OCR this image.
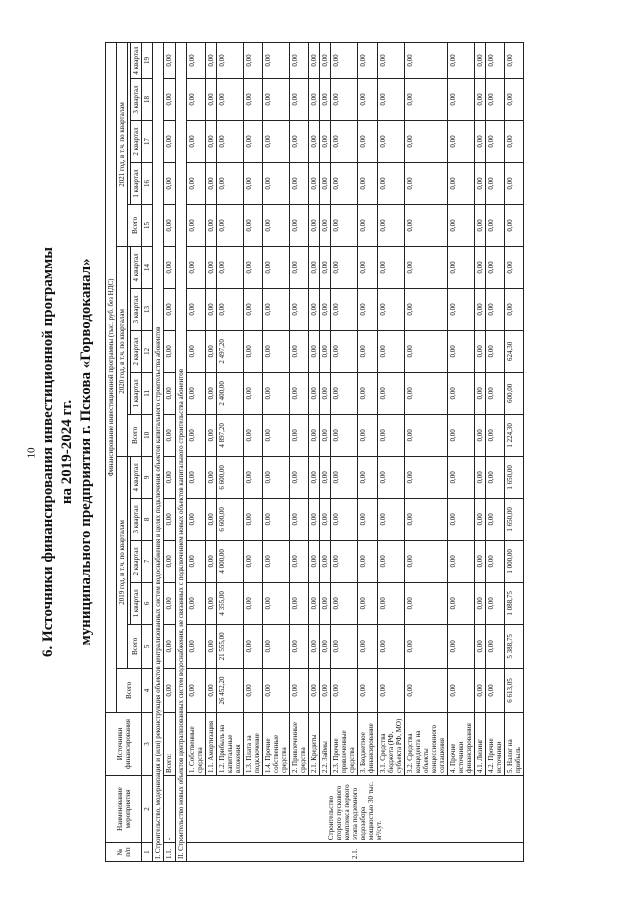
10 6. Источники финансирования инвестиционной программы на 2019-2024 гг. муниципального предприятия г. Пскова «Горводоканал»
№ п/п	Наименование мероприятия	Источники финансирования	Финансирование инвестиционной программы (тыс. руб. без НДС)															
			Всего	2019 год, в т.ч. по кварталам					2020 год, в т.ч. по кварталам					2021 год, в т.ч. по кварталам				
				Всего					Всего					Всего				
					1 квартал	2 квартал	3 квартал	4 квартал		1 квартал	2 квартал	3 квартал	4 квартал		1 квартал	2 квартал	3 квартал	4 квартал
1	2	3	4	5	6	7	8	9	10	11	12	13	14	15	16	17	18	19
I. Строительство, модернизация и (или) реконструкция объектов централизованных систем водоснабжения в целях подключения объектов капитального строительства абонентов																		
1.1.	-	Всего:	0,00	0,00	0,00	0,00	0,00	0,00	0,00	0,00	0,00	0,00	0,00	0,00	0,00	0,00	0,00	0,00
II. Строительство новых объектов централизованных систем водоснабжения, не связанных с подключением новых объектов капитального строительства абонентов																		
2.1.	Строительство второго пускового комплекса первого этапа подземного водозабора мощностью 30 тыс. м³/сут.	1. Собственные средства	0,00	0,00	0,00	0,00	0,00	0,00	0,00	0,00	0,00	0,00	0,00	0,00	0,00	0,00	0,00	0,00
		1.1. Амортизация	0,00	0,00	0,00	0,00	0,00	0,00	0,00	0,00	0,00	0,00	0,00	0,00	0,00	0,00	0,00	0,00
		1.2. Прибыль на капитальные вложения	26 452,20	21 555,00	4 355,00	4 000,00	6 600,00	6 600,00	4 897,20	2 400,00	2 497,20	0,00	0,00	0,00	0,00	0,00	0,00	0,00
		1.3. Плата за подключение	0,00	0,00	0,00	0,00	0,00	0,00	0,00	0,00	0,00	0,00	0,00	0,00	0,00	0,00	0,00	0,00
		1.4. Прочие собственные средства	0,00	0,00	0,00	0,00	0,00	0,00	0,00	0,00	0,00	0,00	0,00	0,00	0,00	0,00	0,00	0,00
		2. Привлеченные средства	0,00	0,00	0,00	0,00	0,00	0,00	0,00	0,00	0,00	0,00	0,00	0,00	0,00	0,00	0,00	0,00
		2.1. Кредиты	0,00	0,00	0,00	0,00	0,00	0,00	0,00	0,00	0,00	0,00	0,00	0,00	0,00	0,00	0,00	0,00
		2.2. Займы	0,00	0,00	0,00	0,00	0,00	0,00	0,00	0,00	0,00	0,00	0,00	0,00	0,00	0,00	0,00	0,00
		2.3. Прочие привлеченные средства	0,00	0,00	0,00	0,00	0,00	0,00	0,00	0,00	0,00	0,00	0,00	0,00	0,00	0,00	0,00	0,00
		3. Бюджетное финансирование	0,00	0,00	0,00	0,00	0,00	0,00	0,00	0,00	0,00	0,00	0,00	0,00	0,00	0,00	0,00	0,00
		3.1. Средства бюджета (РФ, субъекта РФ, МО)	0,00	0,00	0,00	0,00	0,00	0,00	0,00	0,00	0,00	0,00	0,00	0,00	0,00	0,00	0,00	0,00
		3.2. Средства концедента на объекты концессионного соглашения	0,00	0,00	0,00	0,00	0,00	0,00	0,00	0,00	0,00	0,00	0,00	0,00	0,00	0,00	0,00	0,00
		4. Прочие источники финансирования	0,00	0,00	0,00	0,00	0,00	0,00	0,00	0,00	0,00	0,00	0,00	0,00	0,00	0,00	0,00	0,00
		4.1. Лизинг	0,00	0,00	0,00	0,00	0,00	0,00	0,00	0,00	0,00	0,00	0,00	0,00	0,00	0,00	0,00	0,00
		4.2. Прочие источники	0,00	0,00	0,00	0,00	0,00	0,00	0,00	0,00	0,00	0,00	0,00	0,00	0,00	0,00	0,00	0,00
		5. Налог на прибыль	6 613,05	5 388,75	1 088,75	1 000,00	1 650,00	1 650,00	1 224,30	600,00	624,30	0,00	0,00	0,00	0,00	0,00	0,00	0,00
